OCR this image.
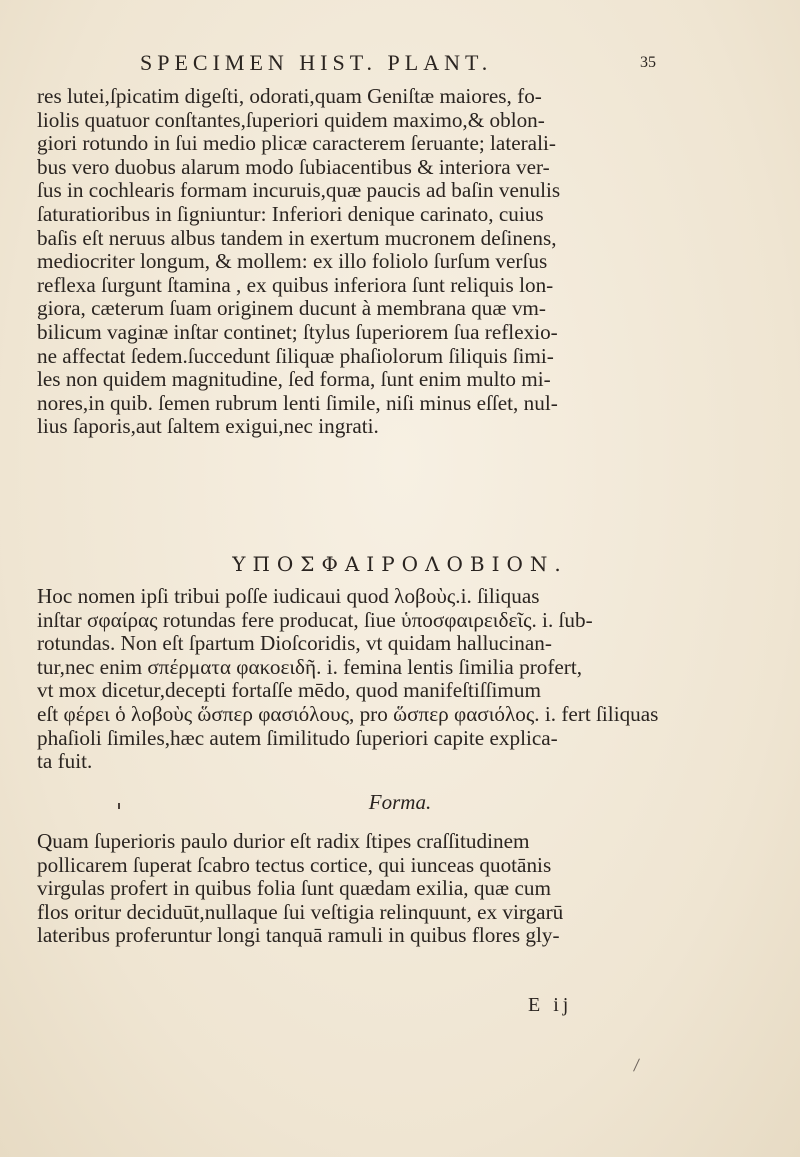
SPECIMEN HIST. PLANT.	35
res lutei,ſpicatim digeſti, odorati,quam Geniſtæ maiores, fo-
liolis quatuor conſtantes,ſuperiori quidem maximo,& oblon-
giori rotundo in ſui medio plicæ caracterem ſeruante; laterali-
bus vero duobus alarum modo ſubiacentibus & interiora ver-
ſus in cochlearis formam incuruis,quæ paucis ad baſin venulis
ſaturatioribus in ſigniuntur: Inferiori denique carinato, cuius
baſis eſt neruus albus tandem in exertum mucronem deſinens,
mediocriter longum, & mollem: ex illo foliolo ſurſum verſus
reflexa ſurgunt ſtamina , ex quibus inferiora ſunt reliquis lon-
giora, cæterum ſuam originem ducunt à membrana quæ vm-
bilicum vaginæ inſtar continet; ſtylus ſuperiorem ſua reflexio-
ne affectat ſedem.ſuccedunt ſiliquæ phaſiolorum ſiliquis ſimi-
les non quidem magnitudine, ſed forma, ſunt enim multo mi-
nores,in quib. ſemen rubrum lenti ſimile, niſi minus eſſet, nul-
lius ſaporis,aut ſaltem exigui,nec ingrati.
ΥΠΟΣΦΑΙΡΟΛΟΒΙΟΝ.
Hoc nomen ipſi tribui poſſe iudicaui quod λοβοὺς.i. ſiliquas
inſtar σφαίρας rotundas fere producat, ſiue ὑποσφαιρειδεῖς. i. ſub-
rotundas. Non eſt ſpartum Dioſcoridis, vt quidam hallucinan-
tur,nec enim σπέρματα φακοειδῆ. i. femina lentis ſimilia profert,
vt mox dicetur,decepti fortaſſe mēdo, quod manifeſtiſſimum
eſt φέρει ὁ λοβοὺς ὥσπερ φασιόλους, pro ὥσπερ φασιόλος. i. fert ſiliquas
phaſioli ſimiles,hæc autem ſimilitudo ſuperiori capite explica-
ta fuit.
Forma.
Quam ſuperioris paulo durior eſt radix ſtipes craſſitudinem
pollicarem ſuperat ſcabro tectus cortice, qui iunceas quotānis
virgulas profert in quibus folia ſunt quædam exilia, quæ cum
flos oritur deciduūt,nullaque ſui veſtigia relinquunt, ex virgarū
lateribus proferuntur longi tanquā ramuli in quibus flores gly-
E ij
